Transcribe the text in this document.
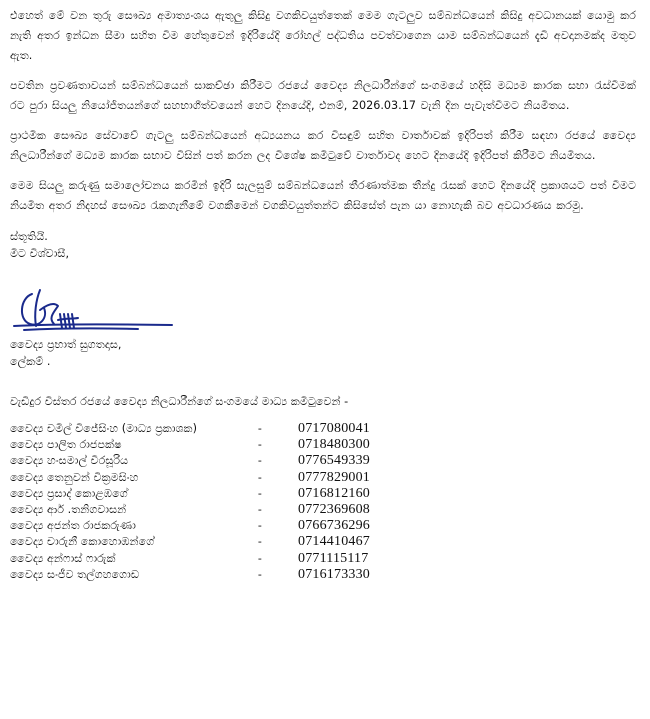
එහෙත් මේ වන තුරු සෞඛ්‍ය අමාත්‍යංශය ඇතුලු කිසිදු වගකිවයුත්තෙක් මෙම ගැටලුව සම්බන්ධයෙන් කිසිදු අවධානයක් යොමු කර නැති අතර ඉන්ධන සීමා සහිත වීම හේතුවෙන් ඉදිරියේදි රෝහල් පද්ධතිය පවත්වාගෙන යාම සම්බන්ධයෙන් දැඩි අවදානමක්ද මතුව ඇත.

පවතින ප්‍රවණතාවයන් සම්බන්ධයෙන් සාකච්ඡා කිරීමට රජයේ වෛද්‍ය නිලධාරීන්ගේ සංගමයේ හදිසි මධ්‍යම කාරක සභා රැස්වීමක් රට පුරා සියලු නියෝජිතයන්ගේ සහභාගීත්වයෙන් හෙට දිනයේදි, එනම්, 2026.03.17 වැනි දින පැවැත්වීමට නියමිතය.

ප්‍රාථමික සෞඛ්‍ය සේවාවේ ගැටලු සම්බන්ධයෙන් අධ්‍යයනය කර විසඳුම් සහිත වාර්තාවක් ඉදිරිපත් කිරීම සඳහා රජයේ වෛද්‍ය නිලධාරීන්ගේ මධ්‍යම කාරක සභාව විසින් පත් කරන ලද විශේෂ කමිටුවේ වාර්තාවද හෙට දිනයේදි ඉදිරිපත් කිරීමට නියමිතය.

මෙම සියලු කරුණු සමාලෝචනය කරමින් ඉදිරි සැලසුම් සම්බන්ධයෙන් තීරණාත්මක තීන්දු රැසක් හෙට දිනයේදි ප්‍රකාශයට පත් වීමට නියමිත අතර නිදහස් සෞඛ්‍ය රැකගැනීමේ වගකීමෙන් වගකිවයුත්තන්ට කිසිසේත් පැන යා නොහැකි බව අවධාරණය කරමු.

ස්තූතියි.

මිට විශ්වාසී,

වෛද්‍ය ප්‍රභාත් සුගතදාස,

ලේකම් .

වැඩිදුර විස්තර රජයේ වෛද්‍ය නිලධාරීන්ගේ සංගමයේ මාධ්‍ය කමිටුවෙන් -
වෛද්‍ය චමිල් විජේසිංහ (මාධ්‍ය ප්‍රකාශක)	-	0717080041
වෛද්‍ය පාලිත රාජපක්ෂ	-	0718480300
වෛද්‍ය හංසමාල් වීරසූරිය	-	0776549339
වෛද්‍ය තෙනුවන් වික්‍රමසිංහ	-	0777829001
වෛද්‍ය ප්‍රසාද් කොළඹගේ	-	0716812160
වෛද්‍ය ආර් .තනිගවාසන්	-	0772369608
වෛද්‍ය අජන්ත රාජකරුණා	-	0766736296
වෛද්‍ය චාරුනී කොහොඹන්ගේ	-	0714410467
වෛද්‍ය අන්ෆාස් ෆාරුක්	-	0771115117
වෛද්‍ය සංජීව තල්ගහගොඩ	-	0716173330
